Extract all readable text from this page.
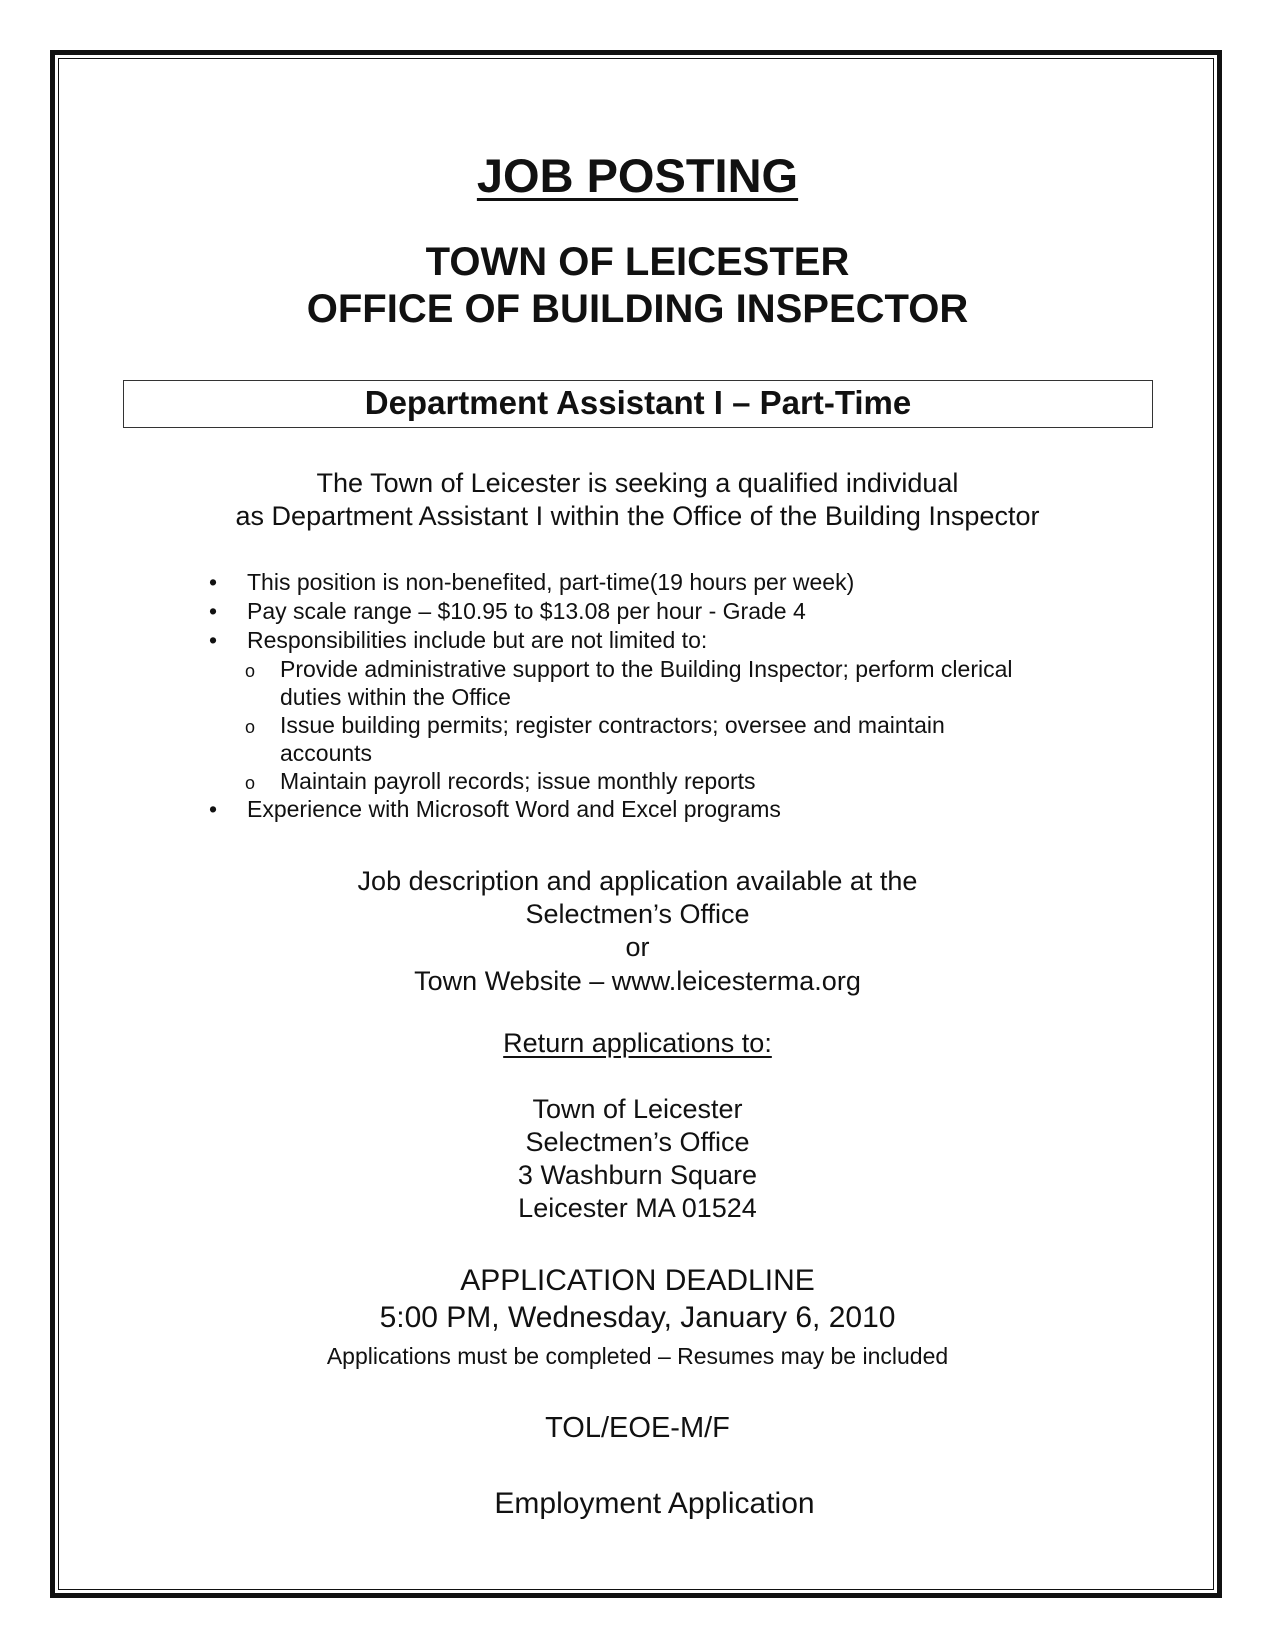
JOB POSTING
TOWN OF LEICESTER
OFFICE OF BUILDING INSPECTOR
Department Assistant I – Part-Time
The Town of Leicester is seeking a qualified individual
as Department Assistant I within the Office of the Building Inspector
• This position is non-benefited, part-time(19 hours per week)
• Pay scale range – $10.95 to $13.08 per hour - Grade 4
• Responsibilities include but are not limited to:
o Provide administrative support to the Building Inspector; perform clerical
duties within the Office
o Issue building permits; register contractors; oversee and maintain
accounts
o Maintain payroll records; issue monthly reports
• Experience with Microsoft Word and Excel programs
Job description and application available at the
Selectmen’s Office
or
Town Website – www.leicesterma.org
Return applications to:
Town of Leicester
Selectmen’s Office
3 Washburn Square
Leicester MA 01524
APPLICATION DEADLINE
5:00 PM, Wednesday, January 6, 2010
Applications must be completed – Resumes may be included
TOL/EOE-M/F
Employment Application
